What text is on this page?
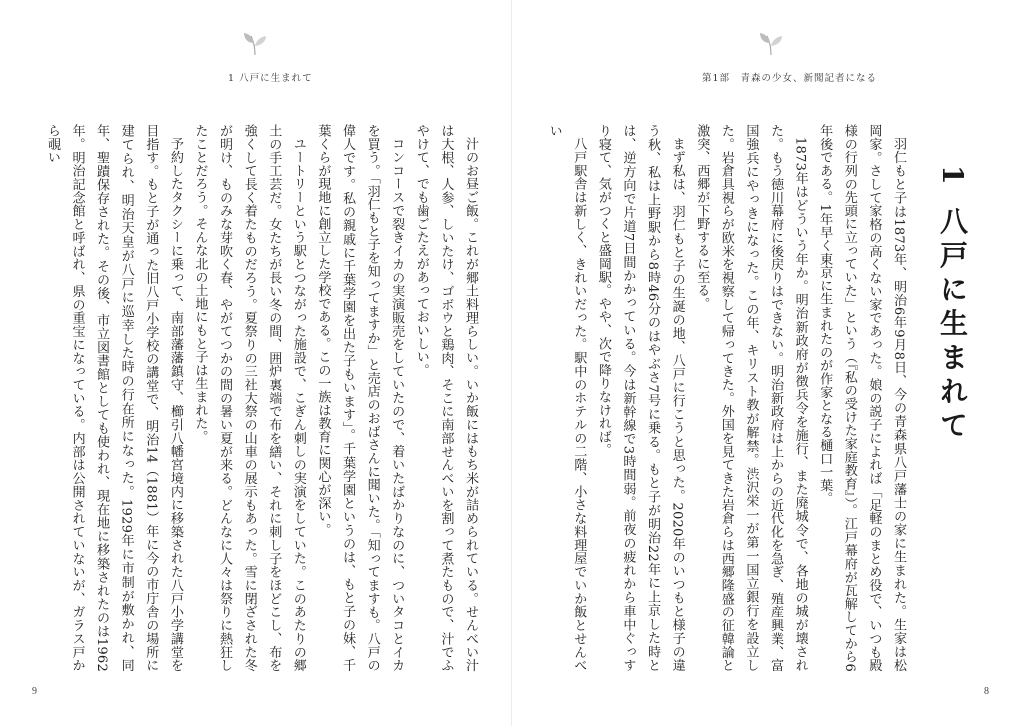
1 八戸に生まれて

汁のお昼ご飯。これが郷土料理らしい。いか飯にはもち米が詰められている。せんべい汁は大根、人参、しいたけ、ゴボウと鶏肉、そこに南部せんべいを割って煮たもので、汁でふやけて、でも歯ごたえがあっておいしい。

コンコースで裂きイカの実演販売をしていたので、着いたばかりなのに、ついタコとイカを買う。「羽仁もと子を知ってますか」と売店のおばさんに聞いた。「知ってますも。八戸の偉人です。私の親戚に千葉学園を出た子もいます」。千葉学園というのは、もと子の妹、千葉くらが現地に創立した学校である。この一族は教育に関心が深い。

ユートリーという駅とつながった施設で、こぎん刺しの実演をしていた。このあたりの郷土の手工芸だ。女たちが長い冬の間、囲炉裏端で布を繕い、それに刺し子をほどこし、布を強くして長く着たものだろう。夏祭りの三社大祭の山車の展示もあった。雪に閉ざされた冬が明け、ものみな芽吹く春、やがてつかの間の暑い夏が来る。どんなに人々は祭りに熱狂したことだろう。そんな北の土地にもと子は生まれた。

予約したタクシーに乗って、南部藩藩鎮守、櫛引八幡宮境内に移築された八戸小学講堂を目指す。もと子が通った旧八戸小学校の講堂で、明治14（1881）年に今の市庁舎の場所に建てられ、明治天皇が八戸に巡幸した時の行在所になった。1929年に市制が敷かれ、同年、聖蹟保存された。その後、市立図書館としても使われ、現在地に移築されたのは1962年。明治記念館と呼ばれ、県の重宝になっている。内部は公開されていないが、ガラス戸から覗い

9
第1部　青森の少女、新聞記者になる
1 八戸に生まれて

羽仁もと子は1873年、明治6年9月8日、今の青森県八戸藩士の家に生まれた。生家は松岡家。さして家格の高くない家であった。娘の説子によれば「足軽のまとめ役で、いつも殿様の行列の先頭に立っていた」という（『私の受けた家庭教育』）。江戸幕府が瓦解してから6年後である。1年早く東京に生まれたのが作家となる樋口一葉。

1873年はどういう年か。明治新政府が徴兵令を施行、また廃城令で、各地の城が壊された。もう徳川幕府に後戻りはできない。明治新政府は上からの近代化を急ぎ、殖産興業、富国強兵にやっきになった。この年、キリスト教が解禁。渋沢栄一が第一国立銀行を設立した。岩倉具視らが欧米を視察して帰ってきた。外国を見てきた岩倉らは西郷隆盛の征韓論と激突、西郷が下野するに至る。

まず私は、羽仁もと子の生誕の地、八戸に行こうと思った。2020年のいつもと様子の違う秋、私は上野駅から8時46分のはやぶさ7号に乗る。もと子が明治22年に上京した時とは、逆方向で片道7日間かかっている。今は新幹線で3時間弱。前夜の疲れから車中ぐっすり寝て、気がつくと盛岡駅。やや、次で降りなければ。

八戸駅舎は新しく、きれいだった。駅中のホテルの二階、小さな料理屋でいか飯とせんべい

8
